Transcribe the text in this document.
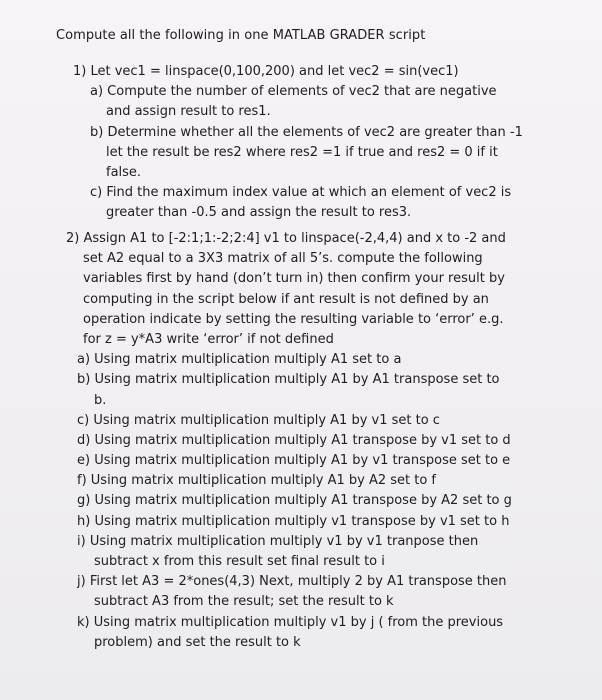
Compute all the following in one MATLAB GRADER script
1) Let vec1 = linspace(0,100,200) and let vec2 = sin(vec1)
a) Compute the number of elements of vec2 that are negative
and assign result to res1.
b) Determine whether all the elements of vec2 are greater than -1
let the result be res2 where res2 =1 if true and res2 = 0 if it
false.
c) Find the maximum index value at which an element of vec2 is
greater than -0.5 and assign the result to res3.
2) Assign A1 to [-2:1;1:-2;2:4] v1 to linspace(-2,4,4) and x to -2 and
set A2 equal to a 3X3 matrix of all 5’s. compute the following
variables first by hand (don’t turn in) then confirm your result by
computing in the script below if ant result is not defined by an
operation indicate by setting the resulting variable to ‘error’ e.g.
for z = y*A3 write ‘error’ if not defined
a) Using matrix multiplication multiply A1 set to a
b) Using matrix multiplication multiply A1 by A1 transpose set to
b.
c) Using matrix multiplication multiply A1 by v1 set to c
d) Using matrix multiplication multiply A1 transpose by v1 set to d
e) Using matrix multiplication multiply A1 by v1 transpose set to e
f) Using matrix multiplication multiply A1 by A2 set to f
g) Using matrix multiplication multiply A1 transpose by A2 set to g
h) Using matrix multiplication multiply v1 transpose by v1 set to h
i) Using matrix multiplication multiply v1 by v1 tranpose then
subtract x from this result set final result to i
j) First let A3 = 2*ones(4,3) Next, multiply 2 by A1 transpose then
subtract A3 from the result; set the result to k
k) Using matrix multiplication multiply v1 by j ( from the previous
problem) and set the result to k
